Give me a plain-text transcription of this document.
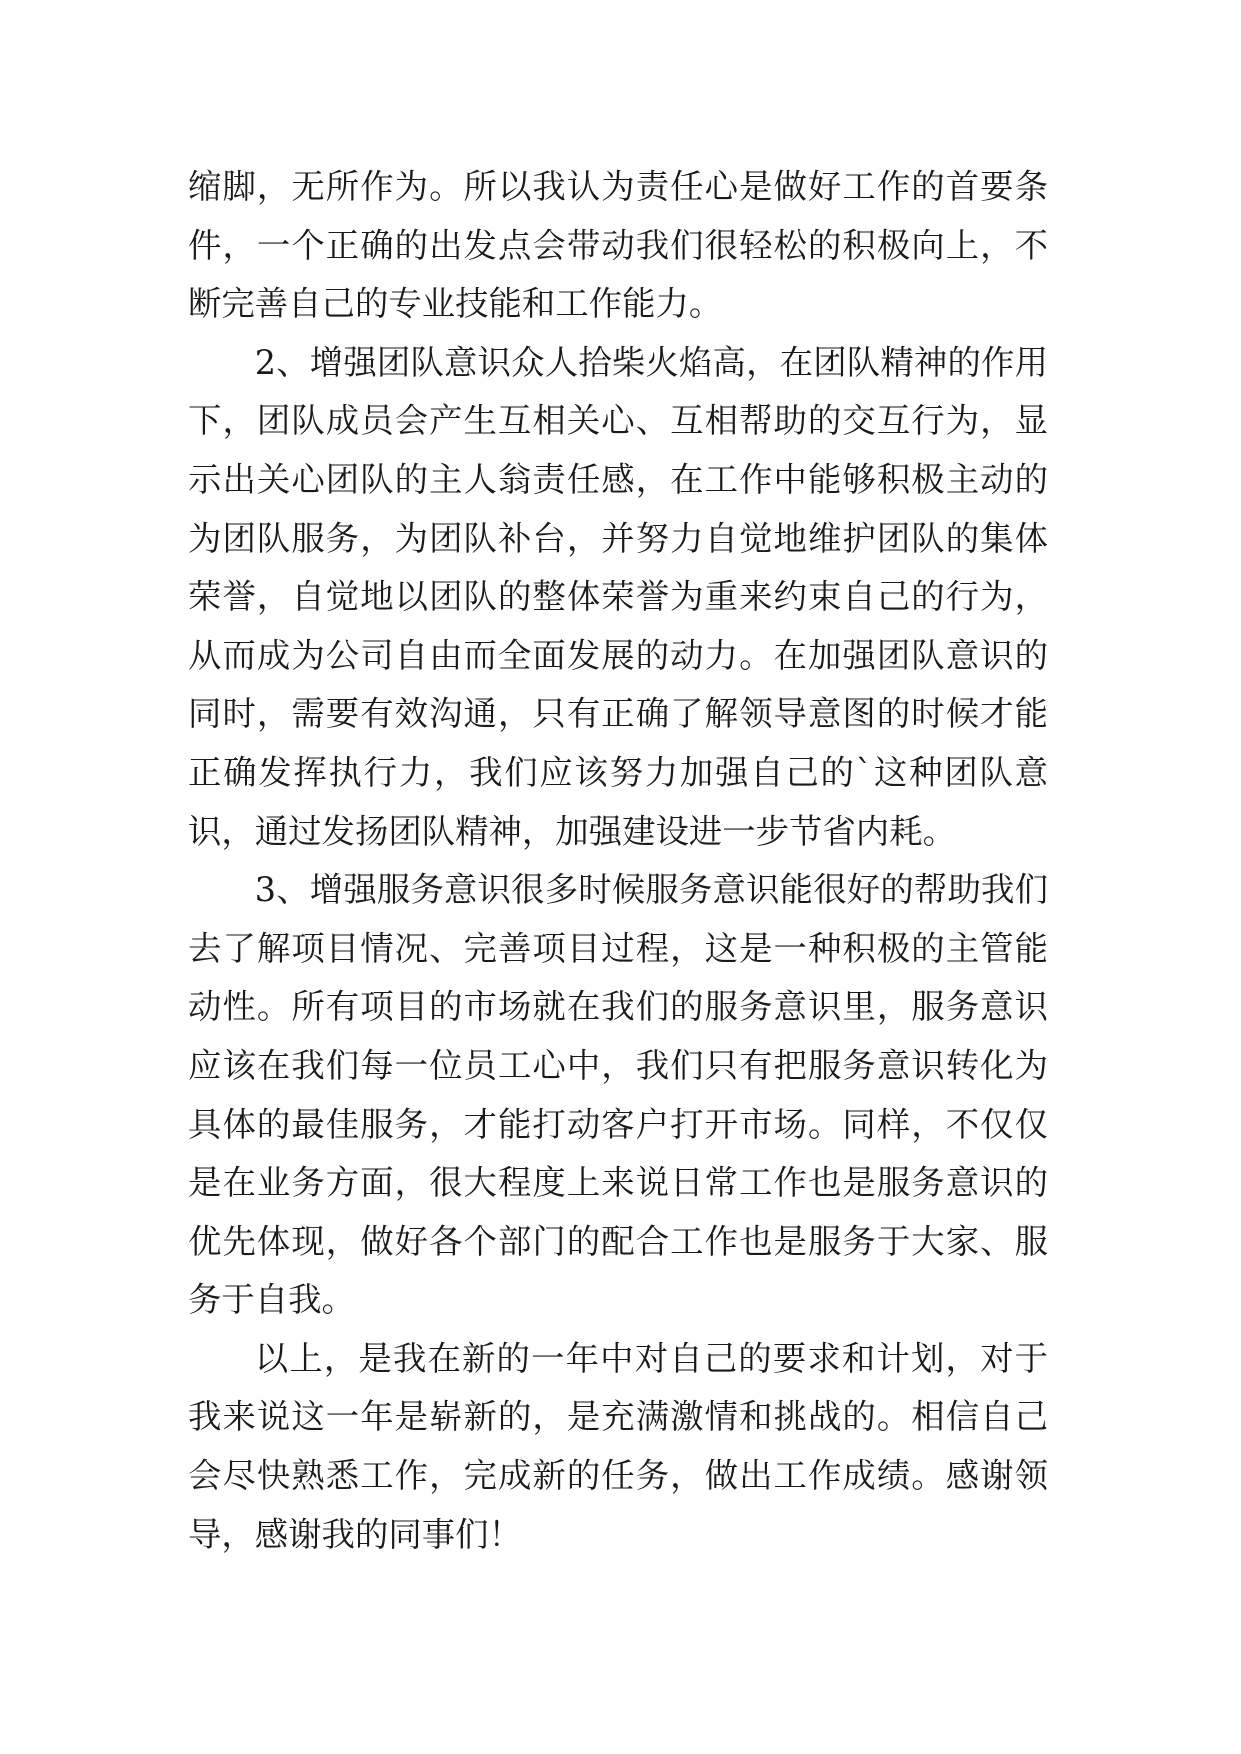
缩脚，无所作为。所以我认为责任心是做好工作的首要条件，一个正确的出发点会带动我们很轻松的积极向上，不断完善自己的专业技能和工作能力。

2、增强团队意识众人拾柴火焰高，在团队精神的作用下，团队成员会产生互相关心、互相帮助的交互行为，显示出关心团队的主人翁责任感，在工作中能够积极主动的为团队服务，为团队补台，并努力自觉地维护团队的集体荣誉，自觉地以团队的整体荣誉为重来约束自己的行为，从而成为公司自由而全面发展的动力。在加强团队意识的同时，需要有效沟通，只有正确了解领导意图的时候才能正确发挥执行力，我们应该努力加强自己的`这种团队意识，通过发扬团队精神，加强建设进一步节省内耗。

3、增强服务意识很多时候服务意识能很好的帮助我们去了解项目情况、完善项目过程，这是一种积极的主管能动性。所有项目的市场就在我们的服务意识里，服务意识应该在我们每一位员工心中，我们只有把服务意识转化为具体的最佳服务，才能打动客户打开市场。同样，不仅仅是在业务方面，很大程度上来说日常工作也是服务意识的优先体现，做好各个部门的配合工作也是服务于大家、服务于自我。

以上，是我在新的一年中对自己的要求和计划，对于我来说这一年是崭新的，是充满激情和挑战的。相信自己会尽快熟悉工作，完成新的任务，做出工作成绩。感谢领导，感谢我的同事们！
